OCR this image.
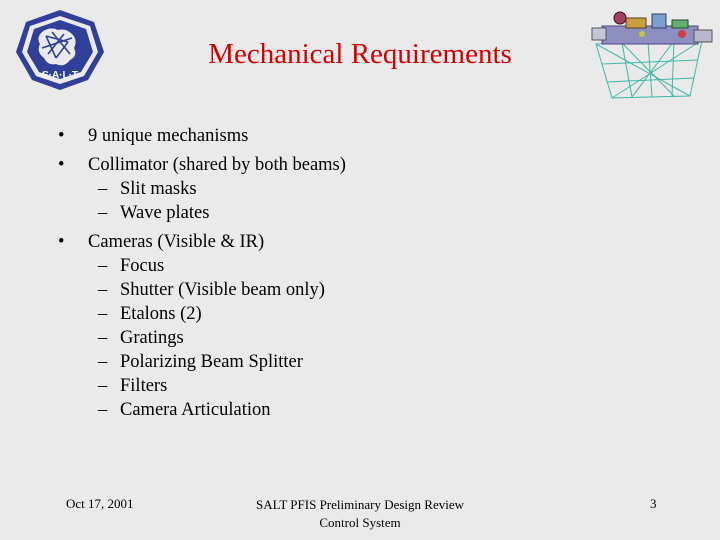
S·A·L·T
Mechanical Requirements
• 9 unique mechanisms
• Collimator (shared by both beams)
– Slit masks
– Wave plates
• Cameras (Visible & IR)
– Focus
– Shutter (Visible beam only)
– Etalons (2)
– Gratings
– Polarizing Beam Splitter
– Filters
– Camera Articulation
Oct 17, 2001	SALT PFIS Preliminary Design Review
Control System
3
